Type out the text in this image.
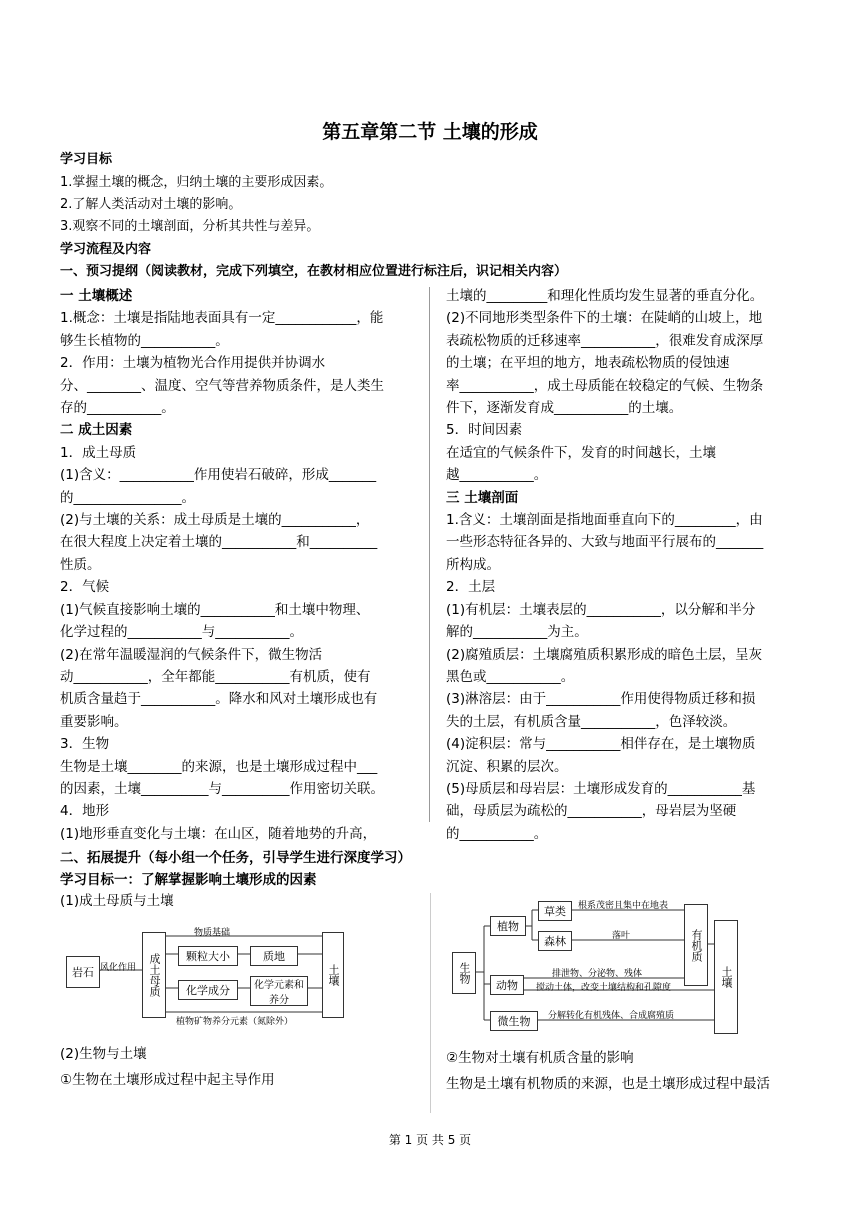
第五章第二节 土壤的形成
学习目标
1.掌握土壤的概念，归纳土壤的主要形成因素。
2.了解人类活动对土壤的影响。
3.观察不同的土壤剖面，分析其共性与差异。
学习流程及内容
一、预习提纲（阅读教材，完成下列填空，在教材相应位置进行标注后，识记相关内容）
一 土壤概述
1.概念：土壤是指陆地表面具有一定____________，能
够生长植物的___________。
2．作用：土壤为植物光合作用提供并协调水
分、________、温度、空气等营养物质条件，是人类生
存的___________。
二 成土因素
1．成土母质
(1)含义：___________作用使岩石破碎，形成_______
的________________。
(2)与土壤的关系：成土母质是土壤的___________，
在很大程度上决定着土壤的___________和__________
性质。
2．气候
(1)气候直接影响土壤的___________和土壤中物理、
化学过程的___________与___________。
(2)在常年温暖湿润的气候条件下，微生物活
动___________，全年都能___________有机质，使有
机质含量趋于___________。降水和风对土壤形成也有
重要影响。
3．生物
生物是土壤________的来源，也是土壤形成过程中___
的因素，土壤__________与__________作用密切关联。
4．地形
(1)地形垂直变化与土壤：在山区，随着地势的升高，
土壤的_________和理化性质均发生显著的垂直分化。
(2)不同地形类型条件下的土壤：在陡峭的山坡上，地
表疏松物质的迁移速率___________，很难发育成深厚
的土壤；在平坦的地方，地表疏松物质的侵蚀速
率___________，成土母质能在较稳定的气候、生物条
件下，逐渐发育成___________的土壤。
5．时间因素
在适宜的气候条件下，发育的时间越长，土壤
越___________。
三 土壤剖面
1.含义：土壤剖面是指地面垂直向下的_________，由
一些形态特征各异的、大致与地面平行展布的_______
所构成。
2．土层
(1)有机层：土壤表层的___________，以分解和半分
解的___________为主。
(2)腐殖质层：土壤腐殖质积累形成的暗色土层，呈灰
黑色或___________。
(3)淋溶层：由于___________作用使得物质迁移和损
失的土层，有机质含量___________，色泽较淡。
(4)淀积层：常与___________相伴存在，是土壤物质
沉淀、积累的层次。
(5)母质层和母岩层：土壤形成发育的___________基
础，母质层为疏松的___________，母岩层为坚硬
的___________。
二、拓展提升（每小组一个任务，引导学生进行深度学习）
学习目标一：了解掌握影响土壤形成的因素
(1)成土母质与土壤
岩石 风化作用	成土母质	颗粒大小	质地
化学成分	化学元素和养分
土壤
物质基础
植物矿物养分元素（氮除外）
生物
植物
草类
森林
动物
微生物
有机质
土壤
根系茂密且集中在地表
落叶
排泄物、分泌物、残体
搅动土体，改变土壤结构和孔隙度
分解转化有机残体、合成腐殖质
(2)生物与土壤
①生物在土壤形成过程中起主导作用
②生物对土壤有机质含量的影响
生物是土壤有机物质的来源，也是土壤形成过程中最活
第 1 页 共 5 页
